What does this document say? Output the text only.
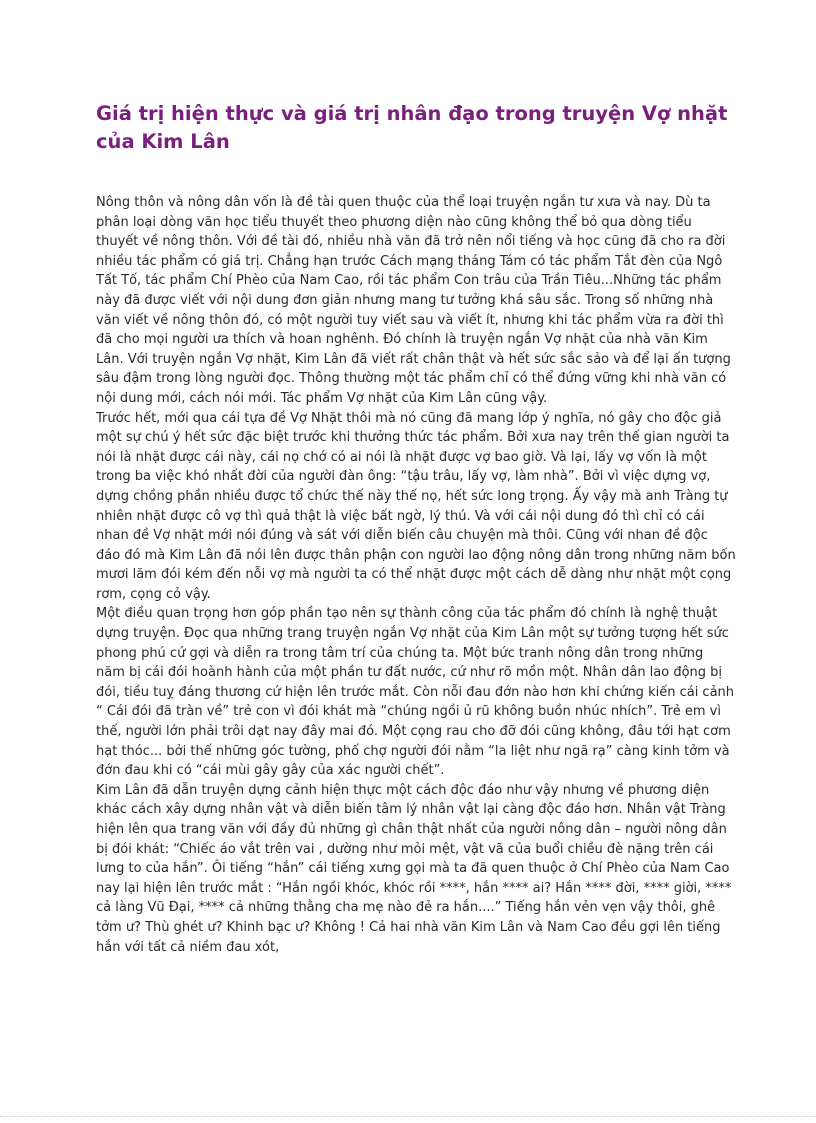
Giá trị hiện thực và giá trị nhân đạo trong truyện Vợ nhặt của Kim Lân

Nông thôn và nông dân vốn là đề tài quen thuộc của thể loại truyện ngắn tư xưa và nay. Dù ta phân loại dòng văn học tiểu thuyết theo phương diện nào cũng không thể bỏ qua dòng tiểu thuyết về nông thôn. Với đề tài đó, nhiều nhà văn đã trở nên nổi tiếng và học cũng đã cho ra đời nhiều tác phẩm có giá trị. Chẳng hạn trước Cách mạng tháng Tám có tác phẩm Tắt đèn của Ngô Tất Tố, tác phẩm Chí Phèo của Nam Cao, rồi tác phẩm Con trâu của Trần Tiêu...Những tác phẩm này đã được viết với nội dung đơn giản nhưng mang tư tưởng khá sâu sắc. Trong số những nhà văn viết về nông thôn đó, có một người tuy viết sau và viết ít, nhưng khi tác phẩm vừa ra đời thì đã cho mọi người ưa thích và hoan nghênh. Đó chính là truyện ngắn Vợ nhặt của nhà văn Kim Lân. Với truyện ngắn Vợ nhặt, Kim Lân đã viết rất chân thật và hết sức sắc sảo và để lại ấn tượng sâu đậm trong lòng người đọc. Thông thường một tác phẩm chỉ có thể đứng vững khi nhà văn có nội dung mới, cách nói mới. Tác phẩm Vợ nhặt của Kim Lân cũng vậy.

Trước hết, mới qua cái tựa đề Vợ Nhặt thôi mà nó cũng đã mang lớp ý nghĩa, nó gây cho độc giả một sự chú ý hết sức đặc biệt trước khi thưởng thức tác phẩm. Bởi xưa nay trên thế gian người ta nói là nhặt được cái này, cái nọ chớ có ai nói là nhặt được vợ bao giờ. Và lại, lấy vợ vốn là một trong ba việc khó nhất đời của người đàn ông: “tậu trâu, lấy vợ, làm nhà”. Bởi vì việc dựng vợ, dựng chồng phần nhiều được tổ chức thế này thế nọ, hết sức long trọng. Ấy vậy mà anh Tràng tự nhiên nhặt được cô vợ thì quả thật là việc bất ngờ, lý thú. Và với cái nội dung đó thì chỉ có cái nhan đề Vợ nhặt mới nói đúng và sát với diễn biến câu chuyện mà thôi. Cũng với nhan đề độc đáo đó mà Kim Lân đã nói lên được thân phận con người lao động nông dân trong những năm bốn mươi lăm đói kém đến nỗi vợ mà người ta có thể nhặt được một cách dễ dàng như nhặt một cọng rơm, cọng cỏ vậy.

Một điều quan trọng hơn góp phần tạo nên sự thành công của tác phẩm đó chính là nghệ thuật dựng truyện. Đọc qua những trang truyện ngắn Vợ nhặt của Kim Lân một sự tưởng tượng hết sức phong phú cứ gợi và diễn ra trong tâm trí của chúng ta. Một bức tranh nông dân trong những năm bị cái đói hoành hành của một phần tư đất nước, cứ như rõ mồn một. Nhân dân lao động bị đói, tiều tuỵ đáng thương cứ hiện lên trước mắt. Còn nỗi đau đớn nào hơn khi chứng kiến cái cảnh “ Cái đói đã tràn về” trẻ con vì đói khát mà “chúng ngồi ủ rũ không buồn nhúc nhích”. Trẻ em vì thế, người lớn phải trôi dạt nay đây mai đó. Một cọng rau cho đỡ đói cũng không, đâu tới hạt cơm hạt thóc... bởi thế những góc tường, phố chợ người đói nằm “la liệt như ngã rạ” càng kinh tởm và đớn đau khi có “cái mùi gây gây của xác người chết”.

Kim Lân đã dẫn truyện dựng cảnh hiện thực một cách độc đáo như vậy nhưng về phương diện khác cách xây dựng nhân vật và diễn biến tâm lý nhân vật lại càng độc đáo hơn. Nhân vật Tràng hiện lên qua trang văn với đầy đủ những gì chân thật nhất của người nông dân – người nông dân bị đói khát: “Chiếc áo vắt trên vai , dường như mỏi mệt, vật vã của buổi chiều đè nặng trên cái lưng to của hắn”. Ôi tiếng “hắn” cái tiếng xưng gọi mà ta đã quen thuộc ở Chí Phèo của Nam Cao nay lại hiện lên trước mắt : “Hắn ngồi khóc, khóc rồi ****, hắn **** ai? Hắn **** đời, **** giời, **** cả làng Vũ Đại, **** cả những thằng cha mẹ nào đẻ ra hắn....” Tiếng hắn vẻn vẹn vậy thôi, ghê tởm ư? Thù ghét ư? Khinh bạc ư? Không ! Cả hai nhà văn Kim Lân và Nam Cao đều gợi lên tiếng hắn với tất cả niềm đau xót,
